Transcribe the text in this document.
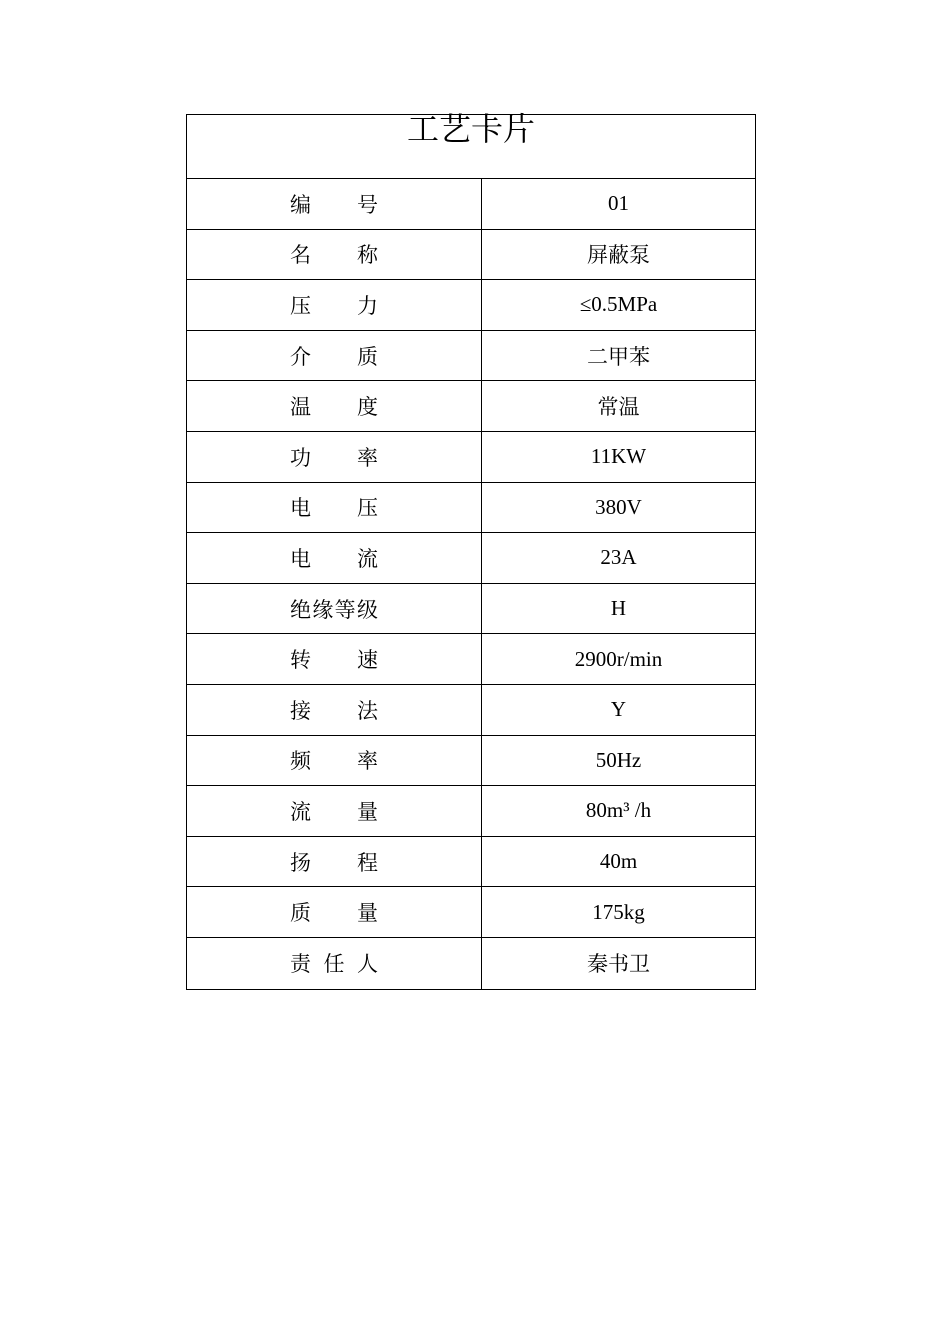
工艺卡片
编号	01
名称	屏蔽泵
压力	≤0.5MPa
介质	二甲苯
温度	常温
功率	11KW
电压	380V
电流	23A
绝缘等级	H
转速	2900r/min
接法	Y
频率	50Hz
流量	80m³ /h
扬程	40m
质量	175kg
责任人	秦书卫
